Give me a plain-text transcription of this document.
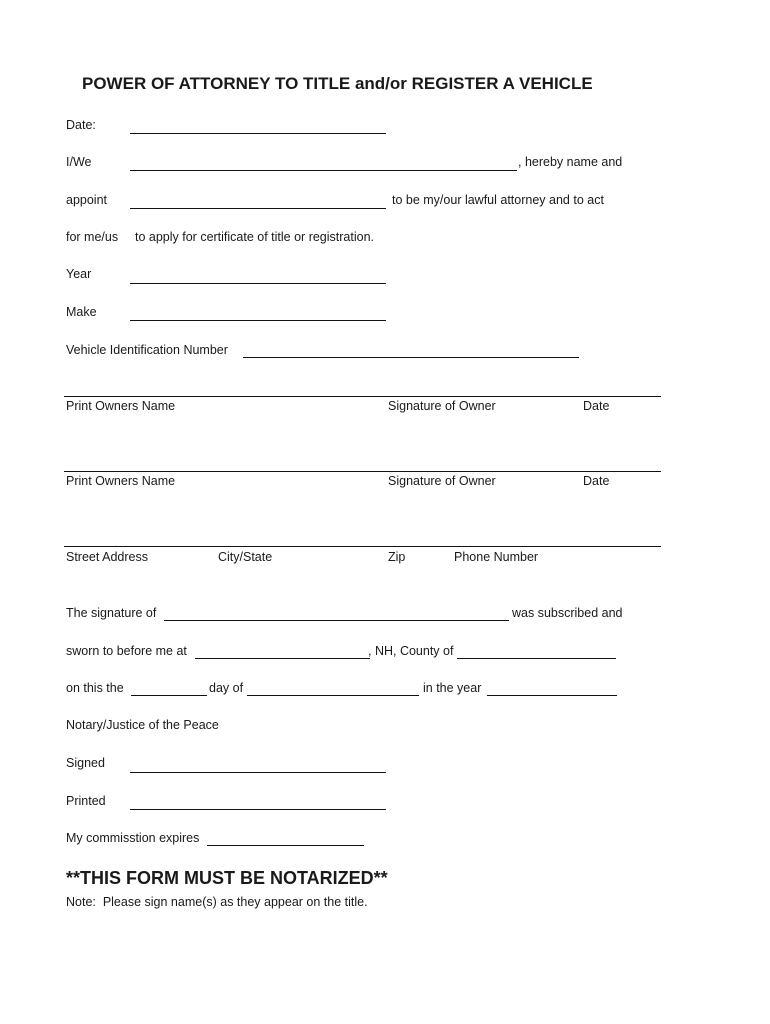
POWER OF ATTORNEY TO TITLE and/or REGISTER A VEHICLE
Date:
I/We	, hereby name and
appoint	to be my/our lawful attorney and to act
for me/us to apply for certificate of title or registration.
Year
Make
Vehicle Identification Number
Print Owners Name	Signature of Owner	Date
Print Owners Name	Signature of Owner	Date
Street Address	City/State	Zip	Phone Number
The signature of	was subscribed and
sworn to before me at	, NH, County of
on this the	day of	in the year
Notary/Justice of the Peace
Signed
Printed
My commisstion expires
**THIS FORM MUST BE NOTARIZED**
Note:  Please sign name(s) as they appear on the title.
